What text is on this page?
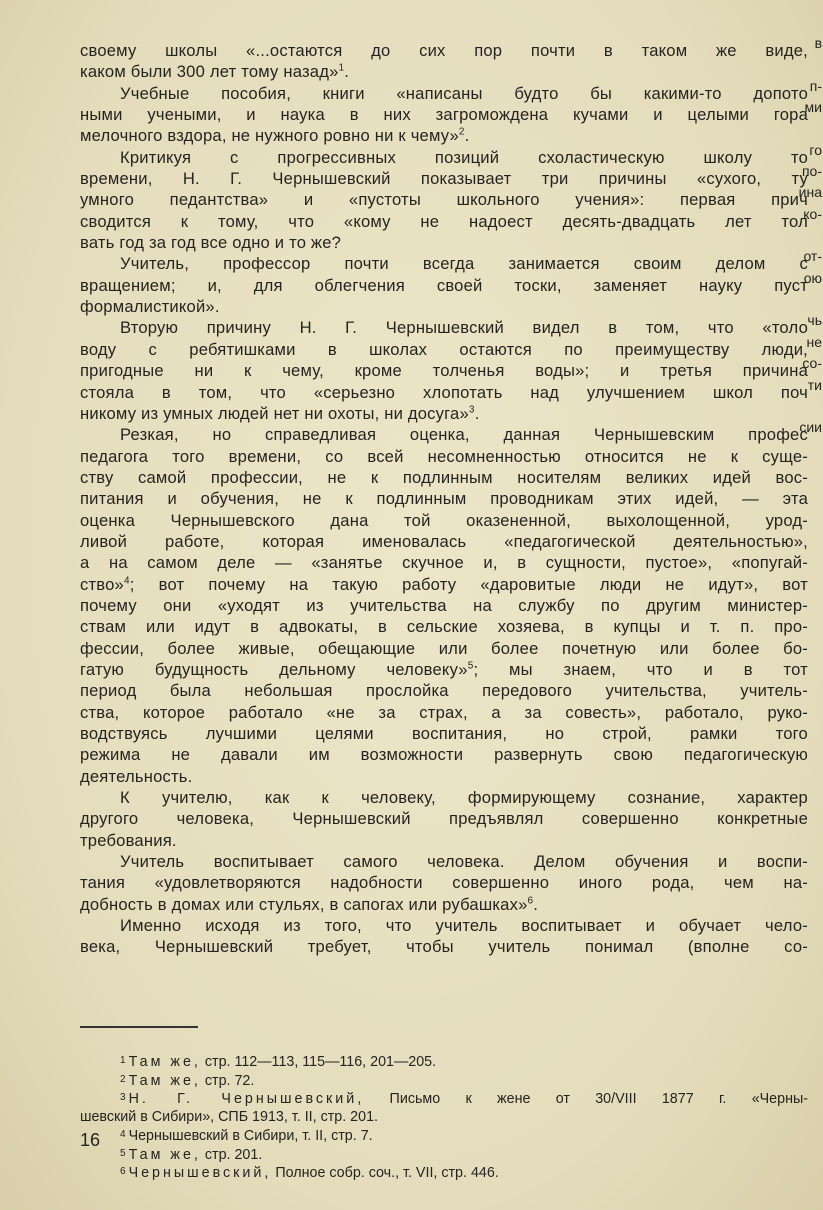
своему школы «...остаются до сих пор почти в таком же виде, в
каком были 300 лет тому назад»$^1$.
Учебные пособия, книги «написаны будто бы какими-то допото п-
ными учеными, и наука в них загромождена кучами и целыми гора
ми
мелочного вздора, не нужного ровно ни к чему»$^2$.
Критикуя с прогрессивных позиций схоластическую школу то го
времени, Н. Г. Чернышевский показывает три причины «сухого, ту
по-
умного педантства» и «пустоты школьного учения»: первая прич
ина
сводится к тому, что «кому не надоест десять-двадцать лет тол
ко-
вать год за год все одно и то же?
Учитель, профессор почти всегда занимается своим делом с
от-
вращением; и, для облегчения своей тоски, заменяет науку пуст
ою
формалистикой».
Вторую причину Н. Г. Чернышевский видел в том, что «толо чь
воду с ребятишками в школах остаются по преимуществу люди,
не
пригодные ни к чему, кроме толченья воды»; и третья причина
со-
стояла в том, что «серьезно хлопотать над улучшением школ поч ти
никому из умных людей нет ни охоты, ни досуга»$^3$.
Резкая, но справедливая оценка, данная Чернышевским профес
сии
педагога того времени, со всей несомненностью относится не к суще-
ству самой профессии, не к подлинным носителям великих идей вос-
питания и обучения, не к подлинным проводникам этих идей, — эта
оценка Чернышевского дана той оказененной, выхолощенной, урод-
ливой работе, которая именовалась «педагогической деятельностью»,
а на самом деле — «занятье скучное и, в сущности, пустое», «попугай-
ство»$^4$; вот почему на такую работу «даровитые люди не идут», вот
почему они «уходят из учительства на службу по другим министер-
ствам или идут в адвокаты, в сельские хозяева, в купцы и т. п. про-
фессии, более живые, обещающие или более почетную или более бо-
гатую будущность дельному человеку»$^5$; мы знаем, что и в тот
период была небольшая прослойка передового учительства, учитель-
ства, которое работало «не за страх, а за совесть», работало, руко-
водствуясь лучшими целями воспитания, но строй, рамки того
режима не давали им возможности развернуть свою педагогическую
деятельность.
К учителю, как к человеку, формирующему сознание, характер
другого человека, Чернышевский предъявлял совершенно конкретные
требования.
Учитель воспитывает самого человека. Делом обучения и воспи-
тания «удовлетворяются надобности совершенно иного рода, чем на-
добность в домах или стульях, в сапогах или рубашках»$^6$.
Именно исходя из того, что учитель воспитывает и обучает чело-
века, Чернышевский требует, чтобы учитель понимал (вполне со-
$^1$ Там же, стр. 112—113, 115—116, 201—205.
$^2$ Там же, стр. 72.
$^3$ Н. Г. Чернышевский, Письмо к жене от 30/VIII 1877 г. «Черны-
шевский в Сибири», СПБ 1913, т. II, стр. 201.
$^4$ Чернышевский в Сибири, т. II, стр. 7.
$^5$ Там же, стр. 201.
$^6$ Чернышевский, Полное собр. соч., т. VII, стр. 446.
16
